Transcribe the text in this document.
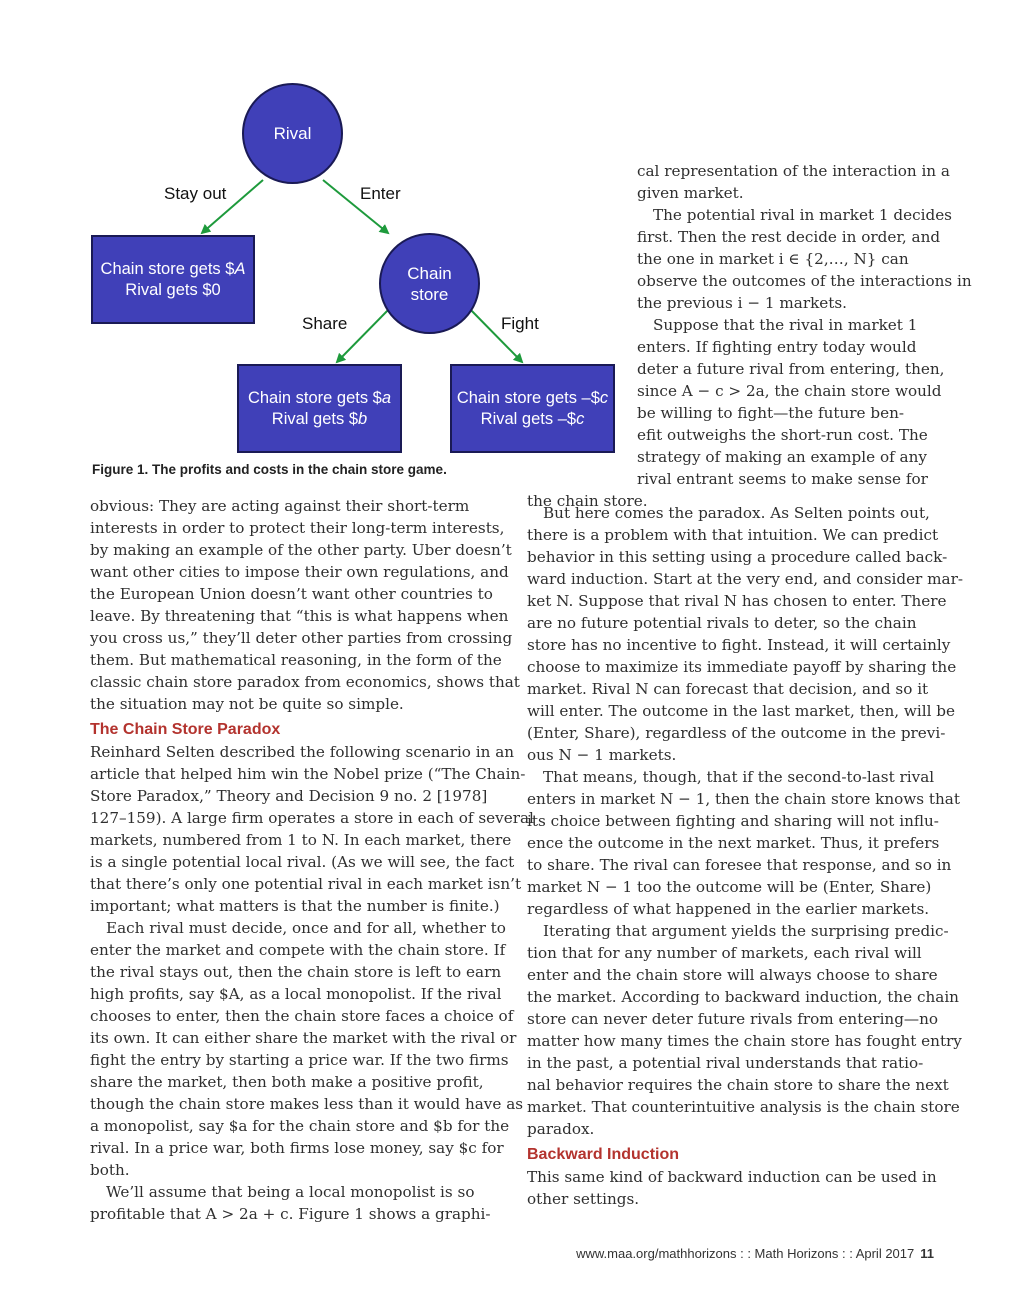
Rival
Stay out	Enter
Chain store gets $A
Rival gets $0
Chain
store
Share	Fight
Chain store gets $a
Rival gets $b
Chain store gets –$c
Rival gets –$c
Figure 1. The profits and costs in the chain store game.
obvious: They are acting against their short-term
interests in order to protect their long-term interests,
by making an example of the other party. Uber doesn’t
want other cities to impose their own regulations, and
the European Union doesn’t want other countries to
leave. By threatening that “this is what happens when
you cross us,” they’ll deter other parties from crossing
them. But mathematical reasoning, in the form of the
classic chain store paradox from economics, shows that
the situation may not be quite so simple.
The Chain Store Paradox
Reinhard Selten described the following scenario in an
article that helped him win the Nobel prize (“The Chain-
Store Paradox,” Theory and Decision 9 no. 2 [1978]
127–159). A large firm operates a store in each of several
markets, numbered from 1 to N. In each market, there
is a single potential local rival. (As we will see, the fact
that there’s only one potential rival in each market isn’t
important; what matters is that the number is finite.)
Each rival must decide, once and for all, whether to
enter the market and compete with the chain store. If
the rival stays out, then the chain store is left to earn
high profits, say $A, as a local monopolist. If the rival
chooses to enter, then the chain store faces a choice of
its own. It can either share the market with the rival or
fight the entry by starting a price war. If the two firms
share the market, then both make a positive profit,
though the chain store makes less than it would have as
a monopolist, say $a for the chain store and $b for the
rival. In a price war, both firms lose money, say $c for
both.
We’ll assume that being a local monopolist is so
profitable that A > 2a + c. Figure 1 shows a graphi-
cal representation of the interaction in a
given market.
The potential rival in market 1 decides
first. Then the rest decide in order, and
the one in market i ∈ {2,…, N} can
observe the outcomes of the interactions in
the previous i − 1 markets.
Suppose that the rival in market 1
enters. If fighting entry today would
deter a future rival from entering, then,
since A − c > 2a, the chain store would
be willing to fight—the future ben-
efit outweighs the short-run cost. The
strategy of making an example of any
rival entrant seems to make sense for
the chain store.
But here comes the paradox. As Selten points out,
there is a problem with that intuition. We can predict
behavior in this setting using a procedure called back-
ward induction. Start at the very end, and consider mar-
ket N. Suppose that rival N has chosen to enter. There
are no future potential rivals to deter, so the chain
store has no incentive to fight. Instead, it will certainly
choose to maximize its immediate payoff by sharing the
market. Rival N can forecast that decision, and so it
will enter. The outcome in the last market, then, will be
(Enter, Share), regardless of the outcome in the previ-
ous N − 1 markets.
That means, though, that if the second-to-last rival
enters in market N − 1, then the chain store knows that
its choice between fighting and sharing will not influ-
ence the outcome in the next market. Thus, it prefers
to share. The rival can foresee that response, and so in
market N − 1 too the outcome will be (Enter, Share)
regardless of what happened in the earlier markets.
Iterating that argument yields the surprising predic-
tion that for any number of markets, each rival will
enter and the chain store will always choose to share
the market. According to backward induction, the chain
store can never deter future rivals from entering—no
matter how many times the chain store has fought entry
in the past, a potential rival understands that ratio-
nal behavior requires the chain store to share the next
market. That counterintuitive analysis is the chain store
paradox.
Backward Induction
This same kind of backward induction can be used in
other settings.
www.maa.org/mathhorizons : : Math Horizons : : April 2017 11
